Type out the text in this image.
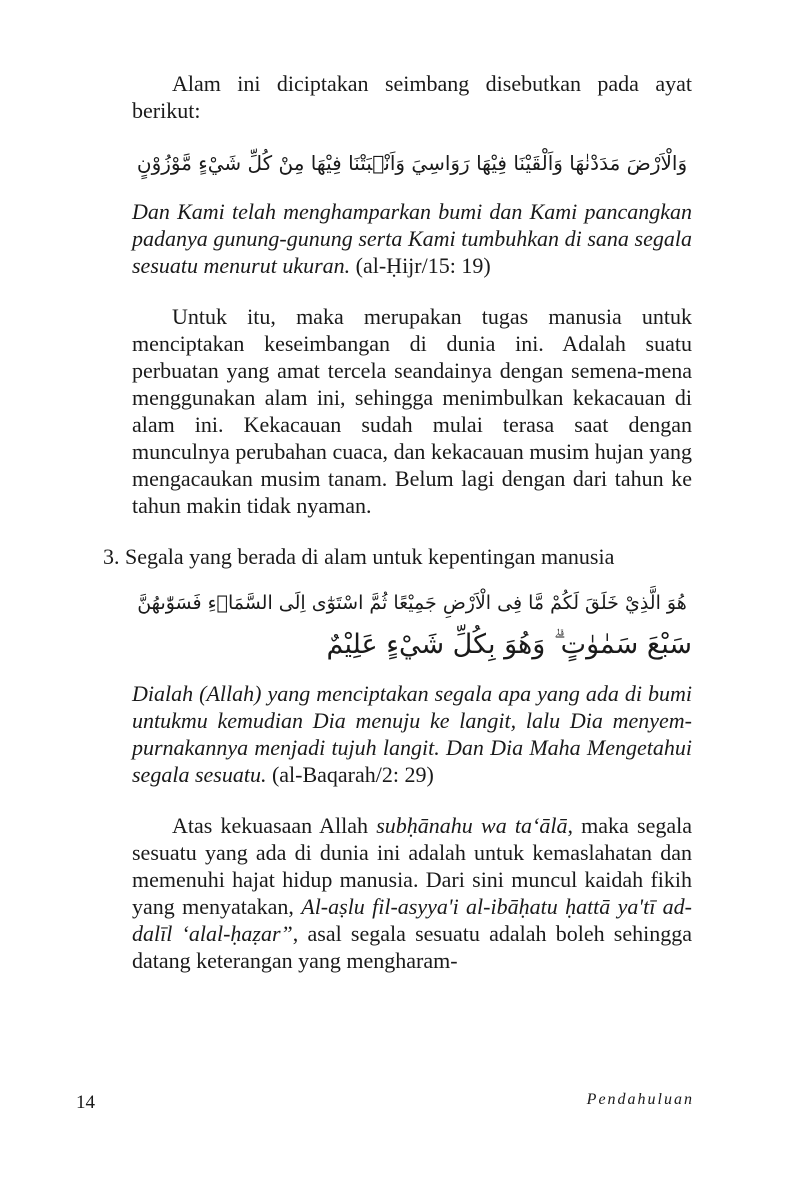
Alam ini diciptakan seimbang disebutkan pada ayat berikut:

وَالْاَرْضَ مَدَدْنٰهَا وَاَلْقَيْنَا فِيْهَا رَوَاسِيَ وَاَنْۢبَتْنَا فِيْهَا مِنْ كُلِّ شَيْءٍ مَّوْزُوْنٍ

Dan Kami telah menghamparkan bumi dan Kami pancangkan padanya gunung-gunung serta Kami tumbuhkan di sana segala sesuatu menurut ukuran. (al-Ḥijr/15: 19)

Untuk itu, maka merupakan tugas manusia untuk menciptakan keseimbangan di dunia ini. Adalah suatu perbuatan yang amat tercela seandainya dengan semena-mena menggunakan alam ini, sehingga menimbulkan kekacauan di alam ini. Kekacauan sudah mulai terasa saat dengan munculnya perubahan cuaca, dan kekacauan musim hujan yang mengacaukan musim tanam. Belum lagi dengan dari tahun ke tahun makin tidak nyaman.

3. Segala yang berada di alam untuk kepentingan manusia

هُوَ الَّذِيْ خَلَقَ لَكُمْ مَّا فِى الْاَرْضِ جَمِيْعًا ثُمَّ اسْتَوٰٓى اِلَى السَّمَاۤءِ فَسَوّٰىهُنَّ
سَبْعَ سَمٰوٰتٍ ۗ وَهُوَ بِكُلِّ شَيْءٍ عَلِيْمٌ

Dialah (Allah) yang menciptakan segala apa yang ada di bumi untukmu kemudian Dia menuju ke langit, lalu Dia menyem-purnakannya menjadi tujuh langit. Dan Dia Maha Mengetahui segala sesuatu. (al-Baqarah/2: 29)

Atas kekuasaan Allah subḥānahu wa ta‘ālā, maka segala sesuatu yang ada di dunia ini adalah untuk kemaslahatan dan memenuhi hajat hidup manusia. Dari sini muncul kaidah fikih yang menyatakan, Al-aṣlu fil-asyya'i al-ibāḥatu ḥattā ya'tī ad-dalīl ‘alal-ḥaẓar”, asal segala sesuatu adalah boleh sehingga datang keterangan yang mengharam-

14	Pendahuluan
